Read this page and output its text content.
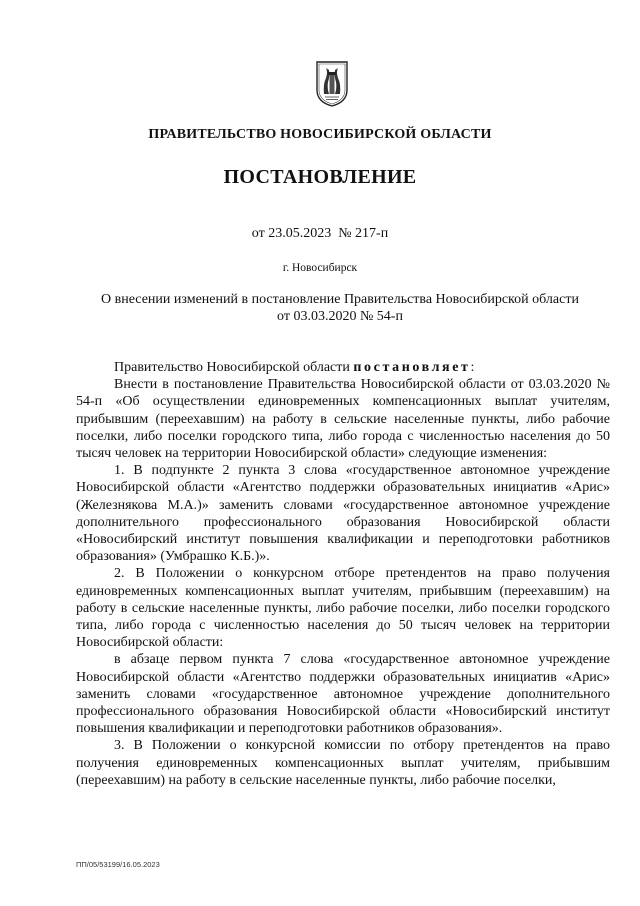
ПРАВИТЕЛЬСТВО НОВОСИБИРСКОЙ ОБЛАСТИ
ПОСТАНОВЛЕНИЕ
от 23.05.2023  № 217-п
г. Новосибирск
О внесении изменений в постановление Правительства Новосибирской области
от 03.03.2020 № 54-п

Правительство Новосибирской области постановляет:

Внести в постановление Правительства Новосибирской области от 03.03.2020 № 54-п «Об осуществлении единовременных компенсационных выплат учителям, прибывшим (переехавшим) на работу в сельские населенные пункты, либо рабочие поселки, либо поселки городского типа, либо города с численностью населения до 50 тысяч человек на территории Новосибирской области» следующие изменения:

1. В подпункте 2 пункта 3 слова «государственное автономное учреждение Новосибирской области «Агентство поддержки образовательных инициатив «Арис» (Железнякова М.А.)» заменить словами «государственное автономное учреждение дополнительного профессионального образования Новосибирской области «Новосибирский институт повышения квалификации и переподготовки работников образования» (Умбрашко К.Б.)».

2. В Положении о конкурсном отборе претендентов на право получения единовременных компенсационных выплат учителям, прибывшим (переехавшим) на работу в сельские населенные пункты, либо рабочие поселки, либо поселки городского типа, либо города с численностью населения до 50 тысяч человек на территории Новосибирской области:

в абзаце первом пункта 7 слова «государственное автономное учреждение Новосибирской области «Агентство поддержки образовательных инициатив «Арис» заменить словами «государственное автономное учреждение дополнительного профессионального образования Новосибирской области «Новосибирский институт повышения квалификации и переподготовки работников образования».

3. В Положении о конкурсной комиссии по отбору претендентов на право получения единовременных компенсационных выплат учителям, прибывшим (переехавшим) на работу в сельские населенные пункты, либо рабочие поселки,

ПП/05/53199/16.05.2023
